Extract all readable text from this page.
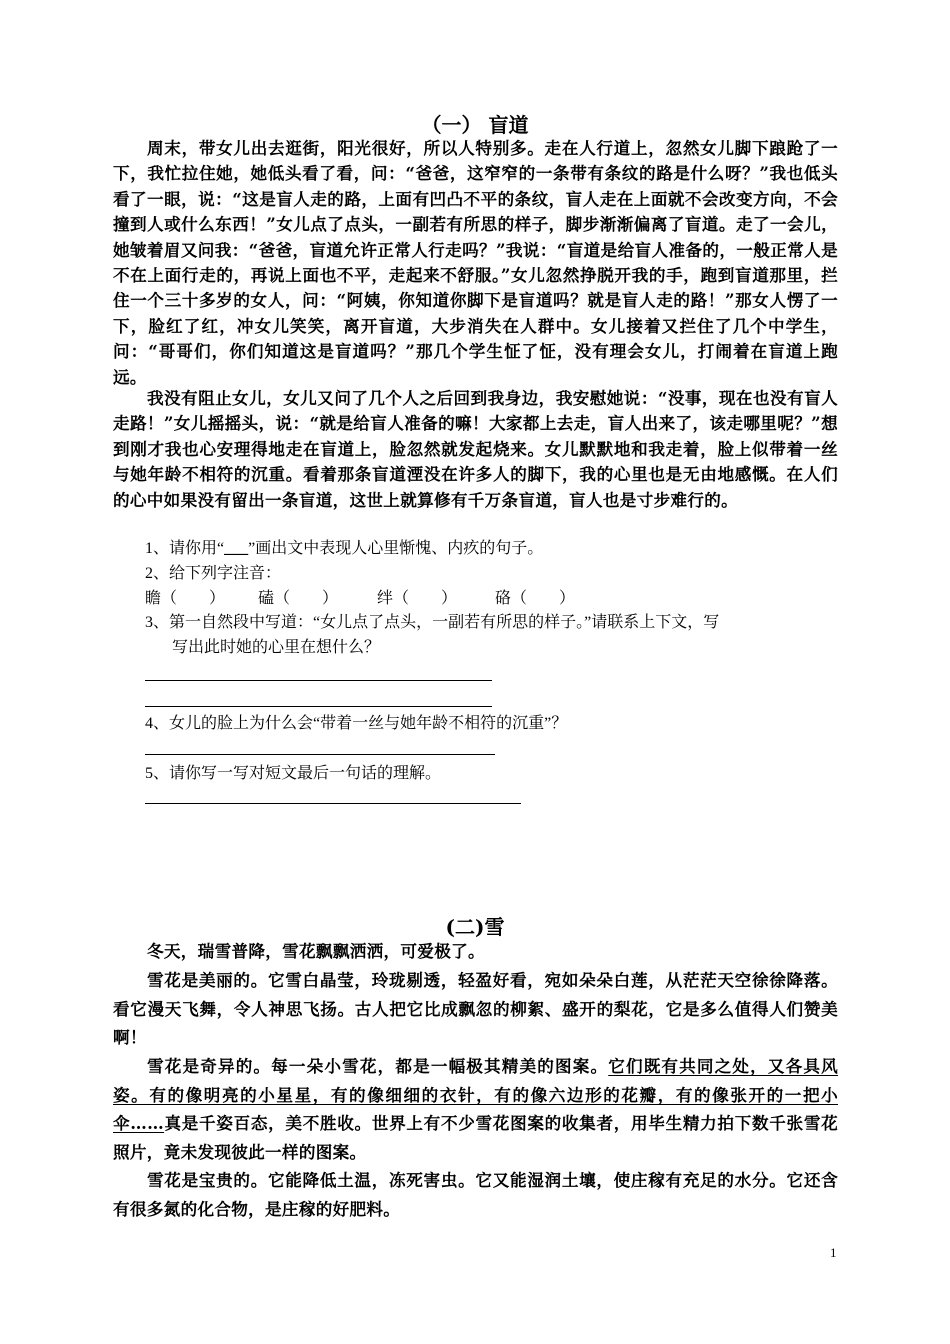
（一） 盲道

周末，带女儿出去逛街，阳光很好，所以人特别多。走在人行道上，忽然女儿脚下踉跄了一下，我忙拉住她，她低头看了看，问：“爸爸，这窄窄的一条带有条纹的路是什么呀？”我也低头看了一眼，说：“这是盲人走的路，上面有凹凸不平的条纹，盲人走在上面就不会改变方向，不会撞到人或什么东西！”女儿点了点头，一副若有所思的样子，脚步渐渐偏离了盲道。走了一会儿，她皱着眉又问我：“爸爸，盲道允许正常人行走吗？”我说：“盲道是给盲人准备的，一般正常人是不在上面行走的，再说上面也不平，走起来不舒服。”女儿忽然挣脱开我的手，跑到盲道那里，拦住一个三十多岁的女人，问：“阿姨，你知道你脚下是盲道吗？就是盲人走的路！”那女人愣了一下，脸红了红，冲女儿笑笑，离开盲道，大步消失在人群中。女儿接着又拦住了几个中学生，问：“哥哥们，你们知道这是盲道吗？”那几个学生怔了怔，没有理会女儿，打闹着在盲道上跑远。

我没有阻止女儿，女儿又问了几个人之后回到我身边，我安慰她说：“没事，现在也没有盲人走路！”女儿摇摇头，说：“就是给盲人准备的嘛！大家都上去走，盲人出来了，该走哪里呢？”想到刚才我也心安理得地走在盲道上，脸忽然就发起烧来。女儿默默地和我走着，脸上似带着一丝与她年龄不相符的沉重。看着那条盲道湮没在许多人的脚下，我的心里也是无由地感慨。在人们的心中如果没有留出一条盲道，这世上就算修有千万条盲道，盲人也是寸步难行的。

1、请你用“___”画出文中表现人心里惭愧、内疚的句子。

2、给下列字注音：

瞻（　　） 磕（　　） 绊（　　） 硌（　　）

3、第一自然段中写道：“女儿点了点头，一副若有所思的样子。”请联系上下文，写

写出此时她的心里在想什么？

4、女儿的脸上为什么会“带着一丝与她年龄不相符的沉重”？

5、请你写一写对短文最后一句话的理解。

(二)雪

冬天，瑞雪普降，雪花飘飘洒洒，可爱极了。

雪花是美丽的。它雪白晶莹，玲珑剔透，轻盈好看，宛如朵朵白莲，从茫茫天空徐徐降落。看它漫天飞舞，令人神思飞扬。古人把它比成飘忽的柳絮、盛开的梨花，它是多么值得人们赞美啊！

雪花是奇异的。每一朵小雪花，都是一幅极其精美的图案。它们既有共同之处，又各具风姿。有的像明亮的小星星，有的像细细的衣针，有的像六边形的花瓣，有的像张开的一把小伞……真是千姿百态，美不胜收。世界上有不少雪花图案的收集者，用毕生精力拍下数千张雪花照片，竟未发现彼此一样的图案。

雪花是宝贵的。它能降低土温，冻死害虫。它又能湿润土壤，使庄稼有充足的水分。它还含有很多氮的化合物，是庄稼的好肥料。

1
